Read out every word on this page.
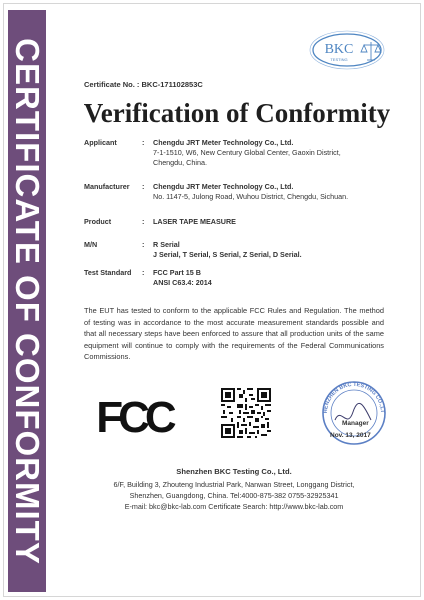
CERTIFICATE OF CONFORMITY	BKC
TESTING
Certificate No. : BKC-171102853C
Verification of Conformity
Applicant	: Chengdu JRT Meter Technology Co., Ltd.
7-1-1510, W6, New Century Global Center, Gaoxin District,
Chengdu, China.
Manufacturer : Chengdu JRT Meter Technology Co., Ltd.
No. 1147-5, Julong Road, Wuhou District, Chengdu, Sichuan.
Product	: LASER TAPE MEASURE
M/N	: R Serial
J Serial, T Serial, S Serial, Z Serial, D Serial.
Test Standard : FCC Part 15 B
ANSI C63.4: 2014
The EUT has tested to conform to the applicable FCC Rules and Regulation. The method of testing was in accordance to the most accurate measurement standards possible and that all necessary steps have been enforced to assure that all production units of the same equipment will continue to comply with the requirements of the Federal Communications Commissions.
FCC	HENZHEN BKC TESTING CO.,LT
Manager
Nov. 13, 2017
Shenzhen BKC Testing Co., Ltd.
6/F, Building 3, Zhouteng Industrial Park, Nanwan Street, Longgang District,
Shenzhen, Guangdong, China. Tel:4000-875-382 0755-32925341
E-mail: bkc@bkc-lab.com Certificate Search: http://www.bkc-lab.com
